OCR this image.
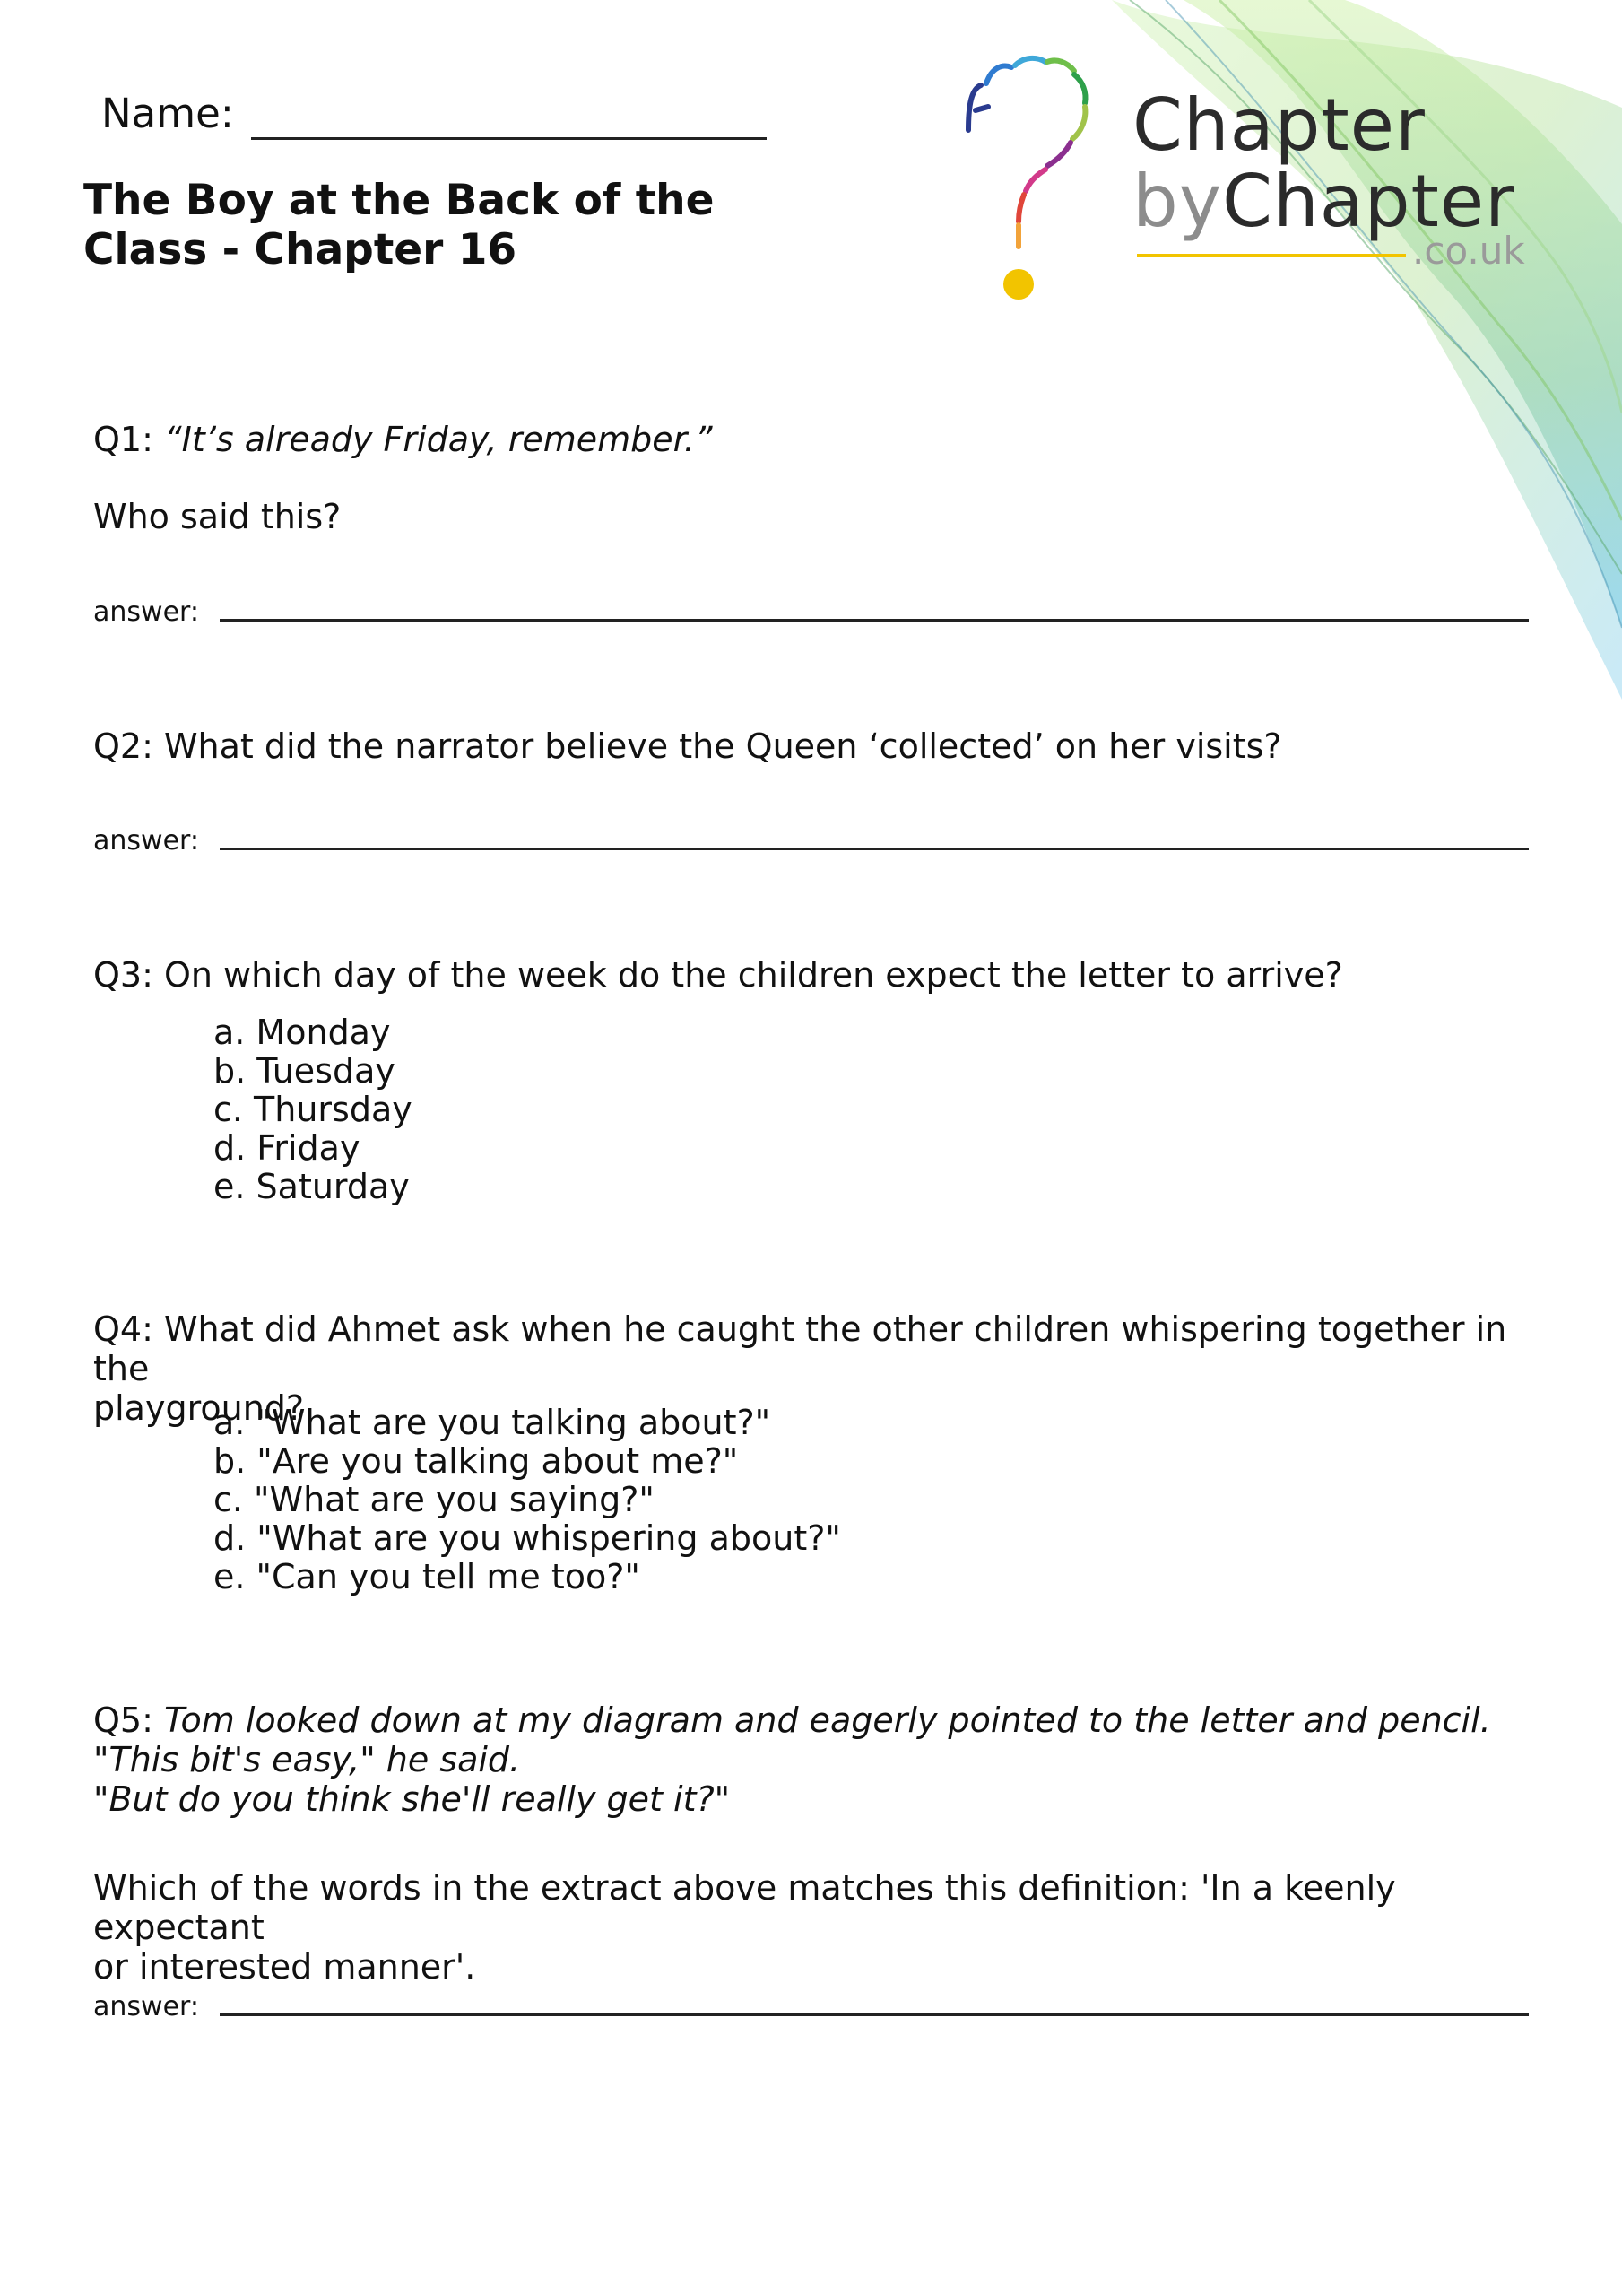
Name:
The Boy at the Back of the
Class - Chapter 16
Chapter
byChapter
.co.uk
Q1: “It’s already Friday, remember.”
Who said this?
answer:
Q2: What did the narrator believe the Queen ‘collected’ on her visits?
answer:
Q3: On which day of the week do the children expect the letter to arrive?
a. Monday
b. Tuesday
c. Thursday
d. Friday
e. Saturday
Q4: What did Ahmet ask when he caught the other children whispering together in the
playground?
a. "What are you talking about?"
b. "Are you talking about me?"
c. "What are you saying?"
d. "What are you whispering about?"
e. "Can you tell me too?"
Q5: Tom looked down at my diagram and eagerly pointed to the letter and pencil.
"This bit's easy," he said.
"But do you think she'll really get it?"
Which of the words in the extract above matches this definition: 'In a keenly expectant
or interested manner'.
answer:
